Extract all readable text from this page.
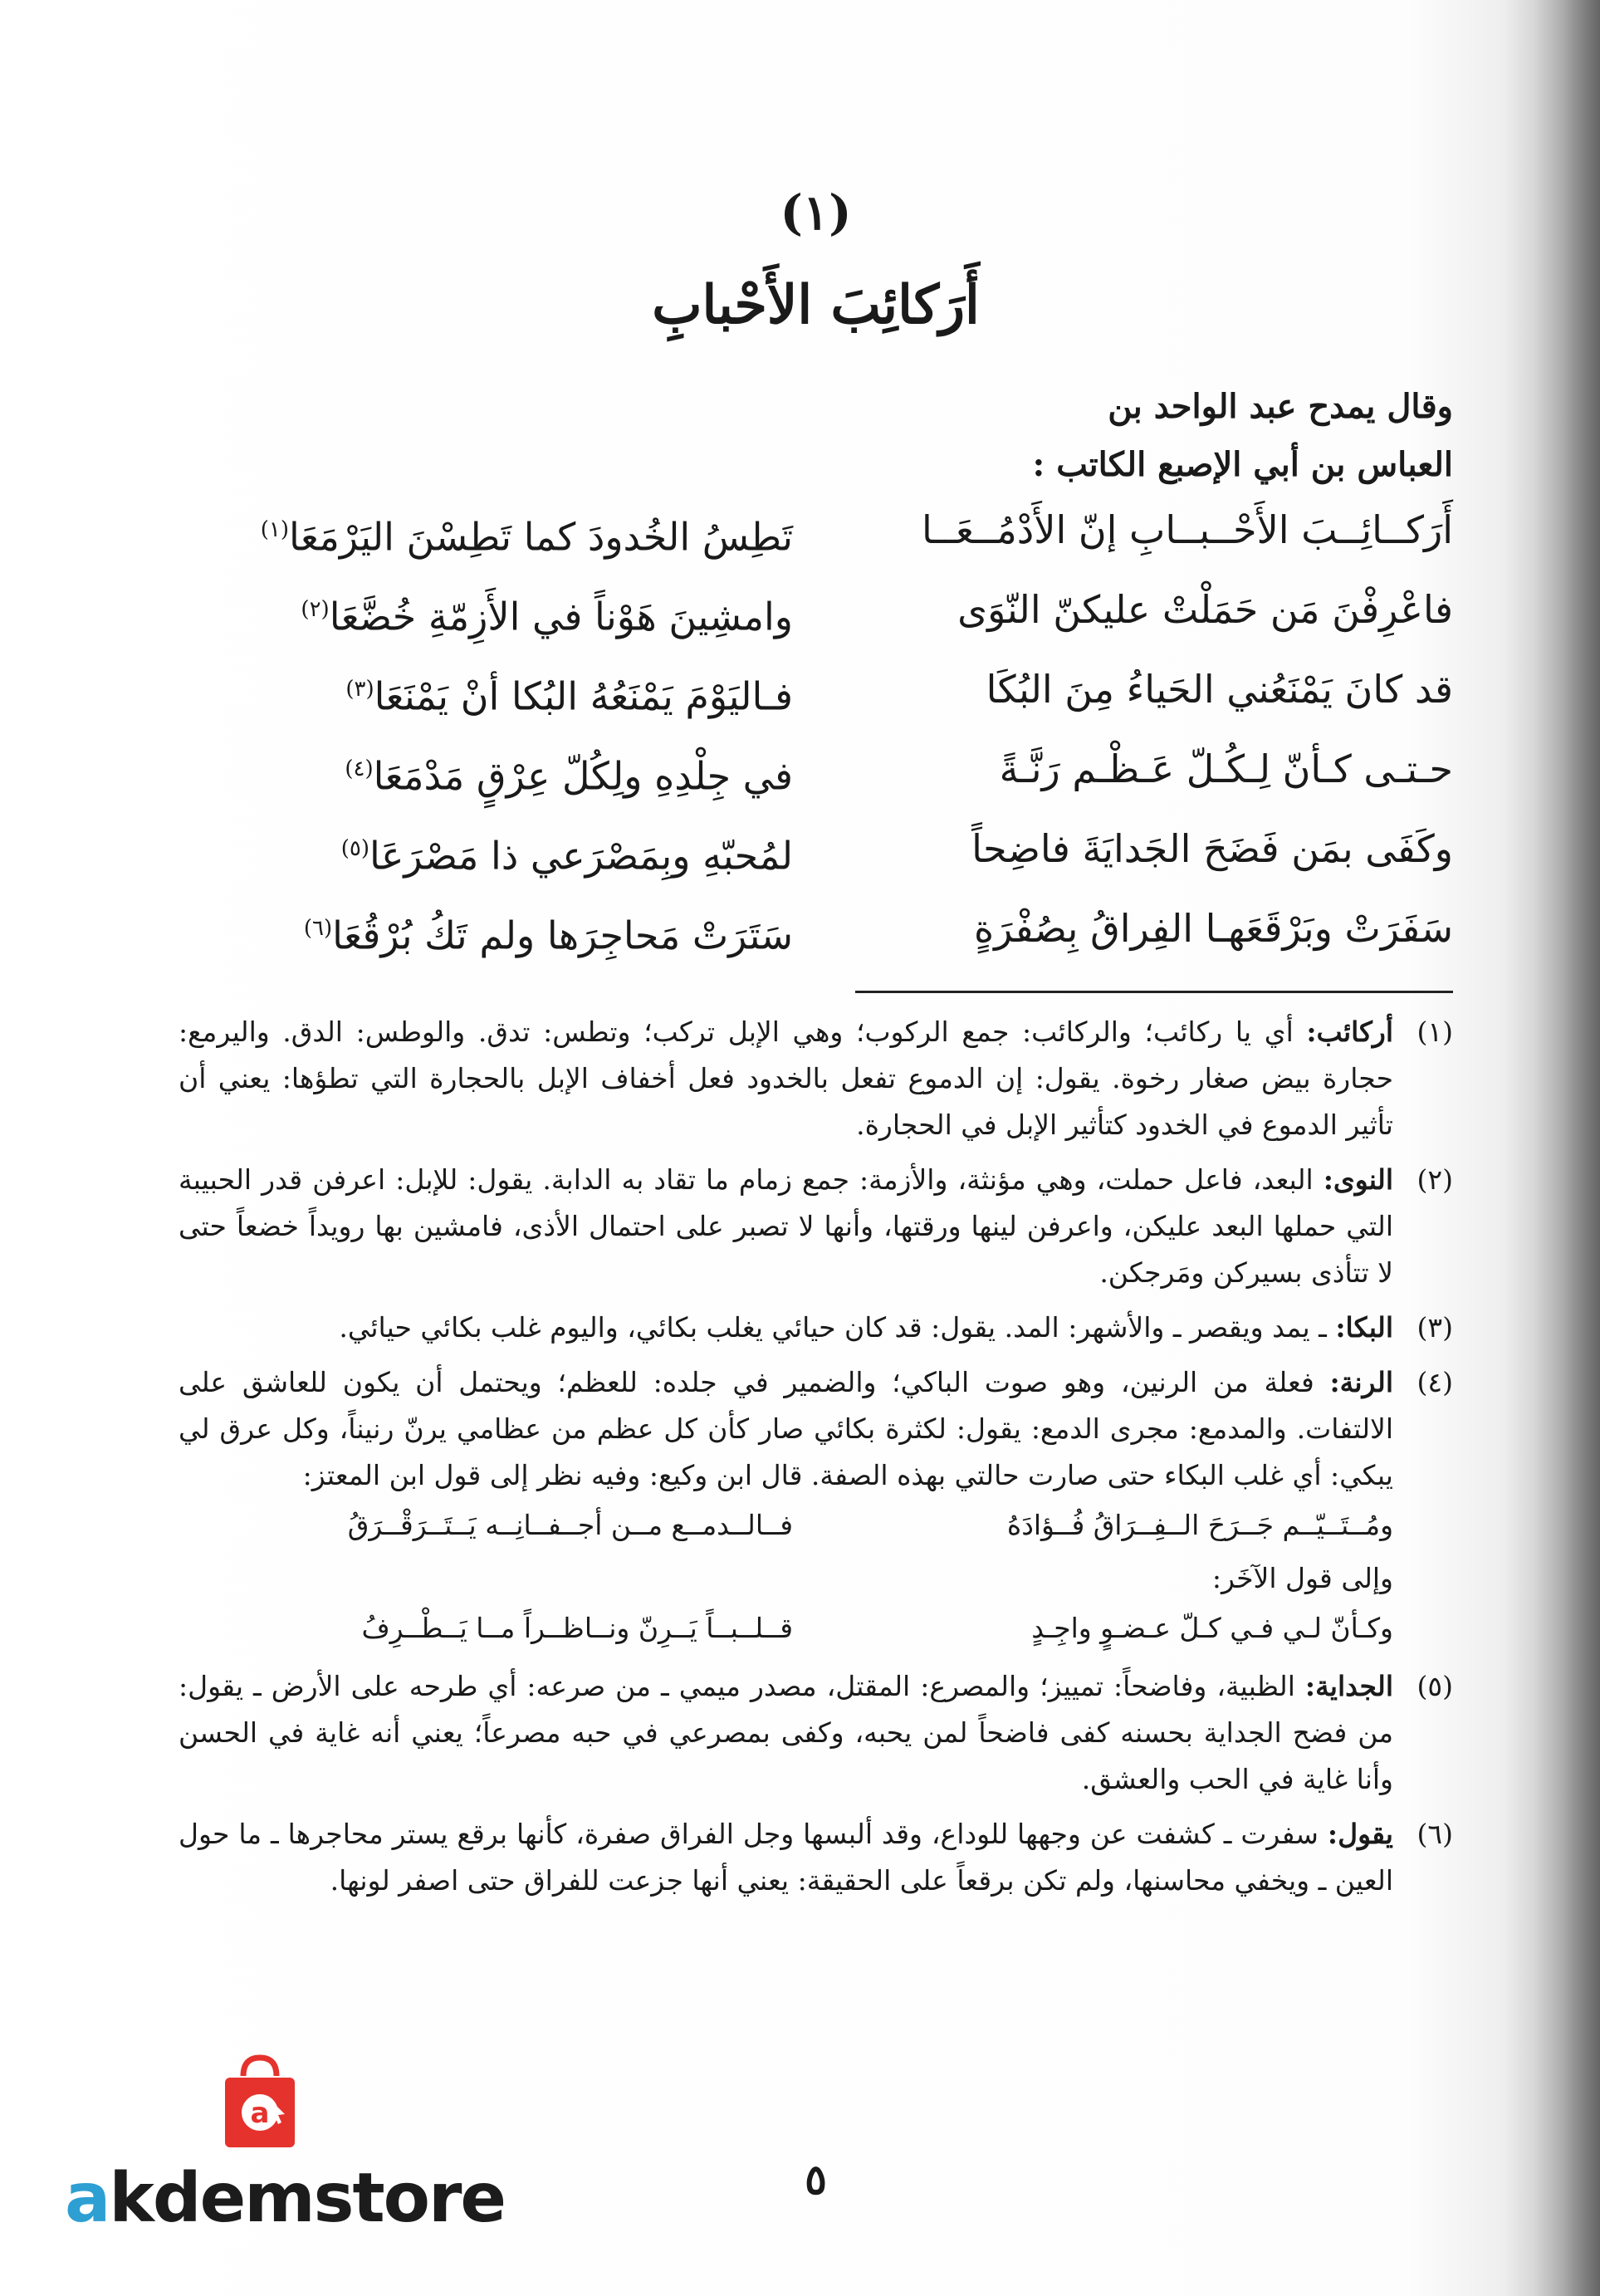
(١)
أَرَكائِبَ الأَحْبابِ
وقال يمدح عبد الواحد بن
العباس بن أبي الإصبع الكاتب :
أَرَكــائِــبَ الأَحْــبــابِ إنّ الأَدْمُــعَــا
تَطِسُ الخُدودَ كما تَطِسْنَ اليَرْمَعَا$^{(١)}$
فاعْرِفْنَ مَن حَمَلْتْ عليكنّ النّوَى
وامشِينَ هَوْناً في الأَزِمّةِ خُضَّعَا$^{(٢)}$
قد كانَ يَمْنَعُني الحَياءُ مِنَ البُكَا
فـاليَوْمَ يَمْنَعُهُ البُكا أنْ يَمْنَعَا$^{(٣)}$
حـتـى كـأنّ لِـكُـلّ عَـظْـم رَنَّـةً
في جِلْدِهِ ولِكُلّ عِرْقٍ مَدْمَعَا$^{(٤)}$
وكَفَى بمَن فَضَحَ الجَدايَةَ فاضِحاً
لمُحبّهِ وبِمَصْرَعي ذا مَصْرَعَا$^{(٥)}$
سَفَرَتْ وبَرْقَعَهـا الفِراقُ بِصُفْرَةٍ
سَتَرَتْ مَحاجِرَها ولم تَكُ بُرْقُعَا$^{(٦)}$
(١)
أركائب: أي يا ركائب؛ والركائب: جمع الركوب؛ وهي الإبل تركب؛ وتطس: تدق. والوطس: الدق. واليرمع: حجارة بيض صغار رخوة. يقول: إن الدموع تفعل بالخدود فعل أخفاف الإبل بالحجارة التي تطؤها: يعني أن تأثير الدموع في الخدود كتأثير الإبل في الحجارة.
(٢)
النوى: البعد، فاعل حملت، وهي مؤنثة، والأزمة: جمع زمام ما تقاد به الدابة. يقول: للإبل: اعرفن قدر الحبيبة التي حملها البعد عليكن، واعرفن لينها ورقتها، وأنها لا تصبر على احتمال الأذى، فامشين بها رويداً خضعاً حتى لا تتأذى بسيركن ومَرجكن.
(٣)
البكا: ـ يمد ويقصر ـ والأشهر: المد. يقول: قد كان حيائي يغلب بكائي، واليوم غلب بكائي حيائي.
(٤)
الرنة: فعلة من الرنين، وهو صوت الباكي؛ والضمير في جلده: للعظم؛ ويحتمل أن يكون للعاشق على الالتفات. والمدمع: مجرى الدمع: يقول: لكثرة بكائي صار كأن كل عظم من عظامي يرنّ رنيناً، وكل عرق لي يبكي: أي غلب البكاء حتى صارت حالتي بهذه الصفة. قال ابن وكيع: وفيه نظر إلى قول ابن المعتز:
ومُــتَــيّــم جَــرَحَ الــفِــرَاقُ فُــؤادَهُ
فــالــدمــع مــن أجــفــانِــه يَــتَــرَقْــرَقُ
وإلى قول الآخَر:
وكـأنّ لـي فـي كـلّ عـضـوٍ واجِـدٍ
قــلــبــاً يَــرِنّ ونــاظــراً مــا يَــطْــرِفُ
(٥)
الجداية: الظبية، وفاضحاً: تمييز؛ والمصرع: المقتل، مصدر ميمي ـ من صرعه: أي طرحه على الأرض ـ يقول: من فضح الجداية بحسنه كفى فاضحاً لمن يحبه، وكفى بمصرعي في حبه مصرعاً؛ يعني أنه غاية في الحسن وأنا غاية في الحب والعشق.
(٦)
يقول: سفرت ـ كشفت عن وجهها للوداع، وقد ألبسها وجل الفراق صفرة، كأنها برقع يستر محاجرها ـ ما حول العين ـ ويخفي محاسنها، ولم تكن برقعاً على الحقيقة: يعني أنها جزعت للفراق حتى اصفر لونها.
٥
a
akdemstore
